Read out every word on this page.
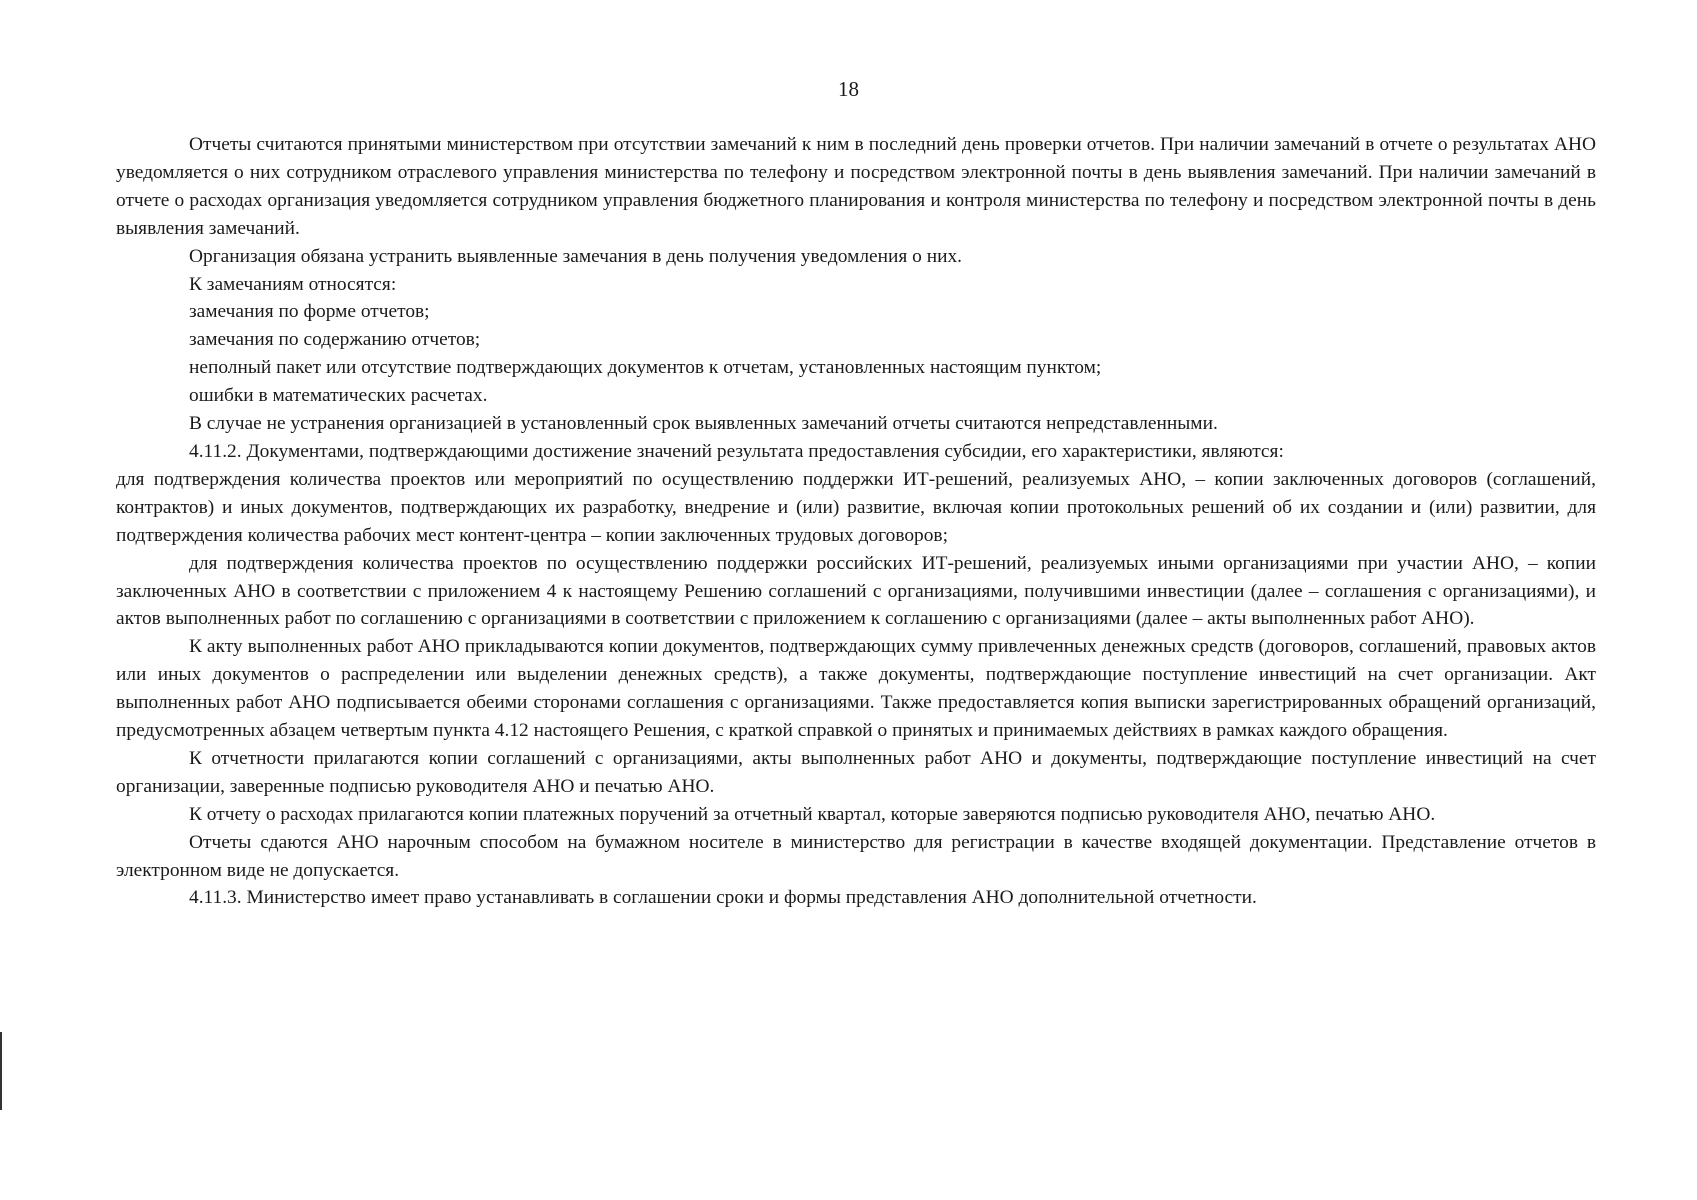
18

Отчеты считаются принятыми министерством при отсутствии замечаний к ним в последний день проверки отчетов. При наличии замечаний в отчете о результатах АНО уведомляется о них сотрудником отраслевого управления министерства по телефону и посредством электронной почты в день выявления замечаний. При наличии замечаний в отчете о расходах организация уведомляется сотрудником управления бюджетного планирования и контроля министерства по телефону и посредством электронной почты в день выявления замечаний.

Организация обязана устранить выявленные замечания в день получения уведомления о них.

К замечаниям относятся:

замечания по форме отчетов;

замечания по содержанию отчетов;

неполный пакет или отсутствие подтверждающих документов к отчетам, установленных настоящим пунктом;

ошибки в математических расчетах.

В случае не устранения организацией в установленный срок выявленных замечаний отчеты считаются непредставленными.

4.11.2. Документами, подтверждающими достижение значений результата предоставления субсидии, его характеристики, являются:

для подтверждения количества проектов или мероприятий по осуществлению поддержки ИТ-решений, реализуемых АНО, – копии заключенных договоров (соглашений, контрактов) и иных документов, подтверждающих их разработку, внедрение и (или) развитие, включая копии протокольных решений об их создании и (или) развитии, для подтверждения количества рабочих мест контент-центра – копии заключенных трудовых договоров;

для подтверждения количества проектов по осуществлению поддержки российских ИТ-решений, реализуемых иными организациями при участии АНО, – копии заключенных АНО в соответствии с приложением 4 к настоящему Решению соглашений с организациями, получившими инвестиции (далее – соглашения с организациями), и актов выполненных работ по соглашению с организациями в соответствии с приложением к соглашению с организациями (далее – акты выполненных работ АНО).

К акту выполненных работ АНО прикладываются копии документов, подтверждающих сумму привлеченных денежных средств (договоров, соглашений, правовых актов или иных документов о распределении или выделении денежных средств), а также документы, подтверждающие поступление инвестиций на счет организации. Акт выполненных работ АНО подписывается обеими сторонами соглашения с организациями. Также предоставляется копия выписки зарегистрированных обращений организаций, предусмотренных абзацем четвертым пункта 4.12 настоящего Решения, с краткой справкой о принятых и принимаемых действиях в рамках каждого обращения.

К отчетности прилагаются копии соглашений с организациями, акты выполненных работ АНО и документы, подтверждающие поступление инвестиций на счет организации, заверенные подписью руководителя АНО и печатью АНО.

К отчету о расходах прилагаются копии платежных поручений за отчетный квартал, которые заверяются подписью руководителя АНО, печатью АНО.

Отчеты сдаются АНО нарочным способом на бумажном носителе в министерство для регистрации в качестве входящей документации. Представление отчетов в электронном виде не допускается.

4.11.3. Министерство имеет право устанавливать в соглашении сроки и формы представления АНО дополнительной отчетности.
